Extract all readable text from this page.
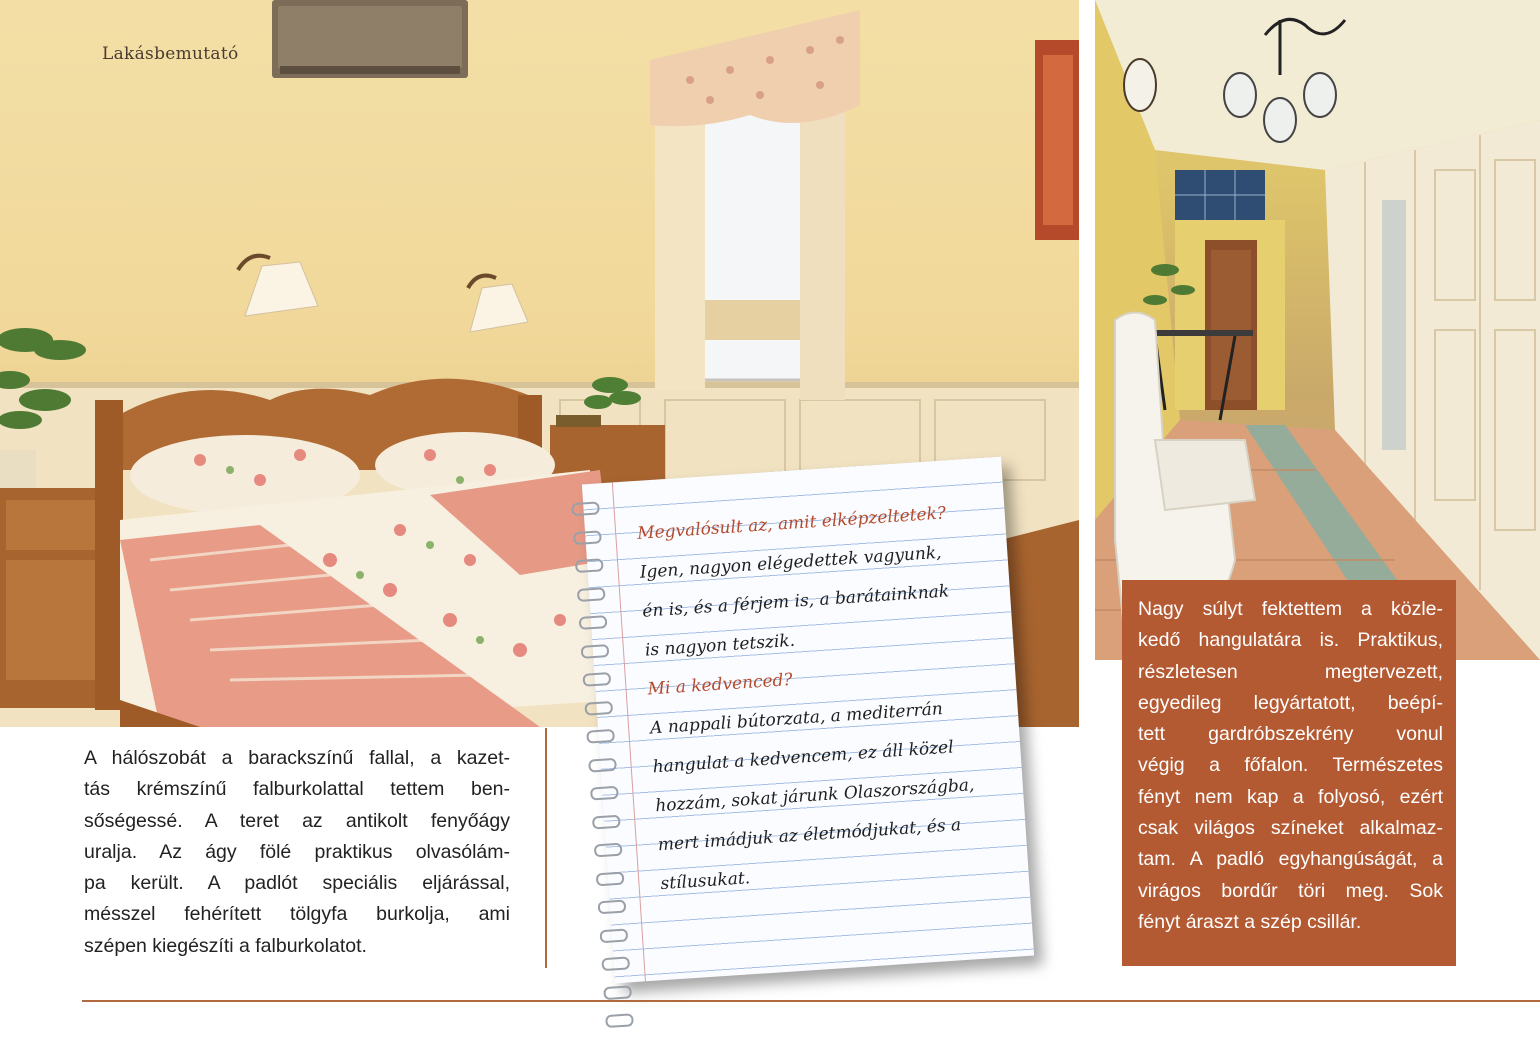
Lakásbemutató
A hálószobát a barackszínű fallal, a kazet-
tás krémszínű falburkolattal tettem ben-
sőségessé. A teret az antikolt fenyőágy
uralja. Az ágy fölé praktikus olvasólám-
pa került. A padlót speciális eljárással,
mésszel fehérített tölgyfa burkolja, ami
szépen kiegészíti a falburkolatot.
Megvalósult az, amit elképzeltetek?
Igen, nagyon elégedettek vagyunk,
én is, és a férjem is, a barátainknak
is nagyon tetszik.
Mi a kedvenced?
A nappali bútorzata, a mediterrán
hangulat a kedvencem, ez áll közel
hozzám, sokat járunk Olaszországba,
mert imádjuk az életmódjukat, és a
stílusukat.

Nagy súlyt fektettem a közle-

kedő hangulatára is. Praktikus,

részletesen megtervezett,

egyedileg legyártatott, beépí-

tett gardróbszekrény vonul

végig a főfalon. Természetes

fényt nem kap a folyosó, ezért

csak világos színeket alkalmaz-

tam. A padló egyhangúságát, a

virágos bordűr töri meg. Sok

fényt áraszt a szép csillár.
